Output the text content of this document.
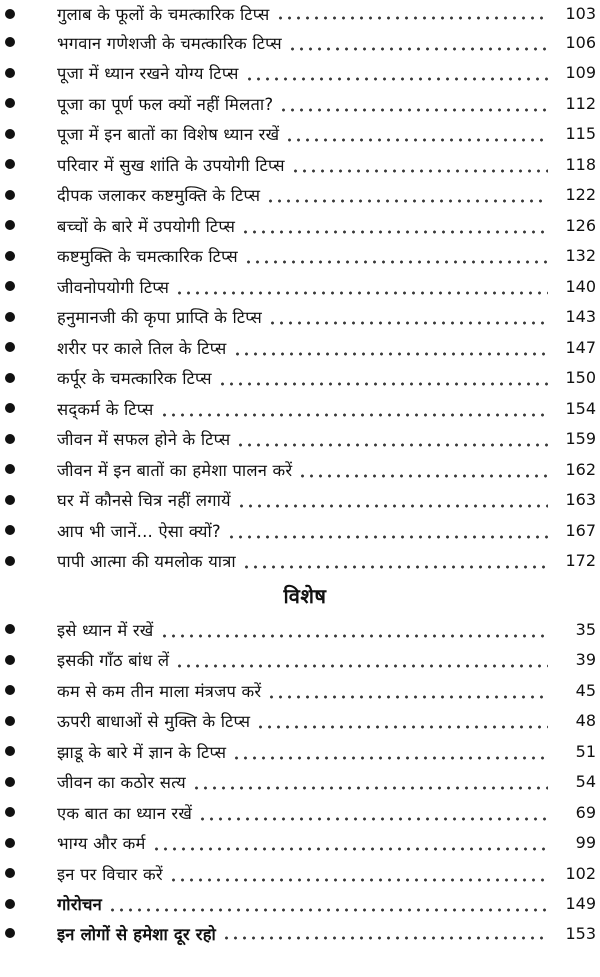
गुलाब के फूलों के चमत्कारिक टिप्स	103
भगवान गणेशजी के चमत्कारिक टिप्स	106
पूजा में ध्यान रखने योग्य टिप्स	109
पूजा का पूर्ण फल क्यों नहीं मिलता?	112
पूजा में इन बातों का विशेष ध्यान रखें	115
परिवार में सुख शांति के उपयोगी टिप्स	118
दीपक जलाकर कष्टमुक्ति के टिप्स	122
बच्चों के बारे में उपयोगी टिप्स	126
कष्टमुक्ति के चमत्कारिक टिप्स	132
जीवनोपयोगी टिप्स	140
हनुमानजी की कृपा प्राप्ति के टिप्स	143
शरीर पर काले तिल के टिप्स	147
कर्पूर के चमत्कारिक टिप्स	150
सद्कर्म के टिप्स	154
जीवन में सफल होने के टिप्स	159
जीवन में इन बातों का हमेशा पालन करें	162
घर में कौनसे चित्र नहीं लगायें	163
आप भी जानें... ऐसा क्यों?	167
पापी आत्मा की यमलोक यात्रा	172
विशेष
इसे ध्यान में रखें	35
इसकी गाँठ बांध लें	39
कम से कम तीन माला मंत्रजप करें	45
ऊपरी बाधाओं से मुक्ति के टिप्स	48
झाडू के बारे में ज्ञान के टिप्स	51
जीवन का कठोर सत्य	54
एक बात का ध्यान रखें	69
भाग्य और कर्म	99
इन पर विचार करें	102
गोरोचन	149
इन लोगों से हमेशा दूर रहो	153
